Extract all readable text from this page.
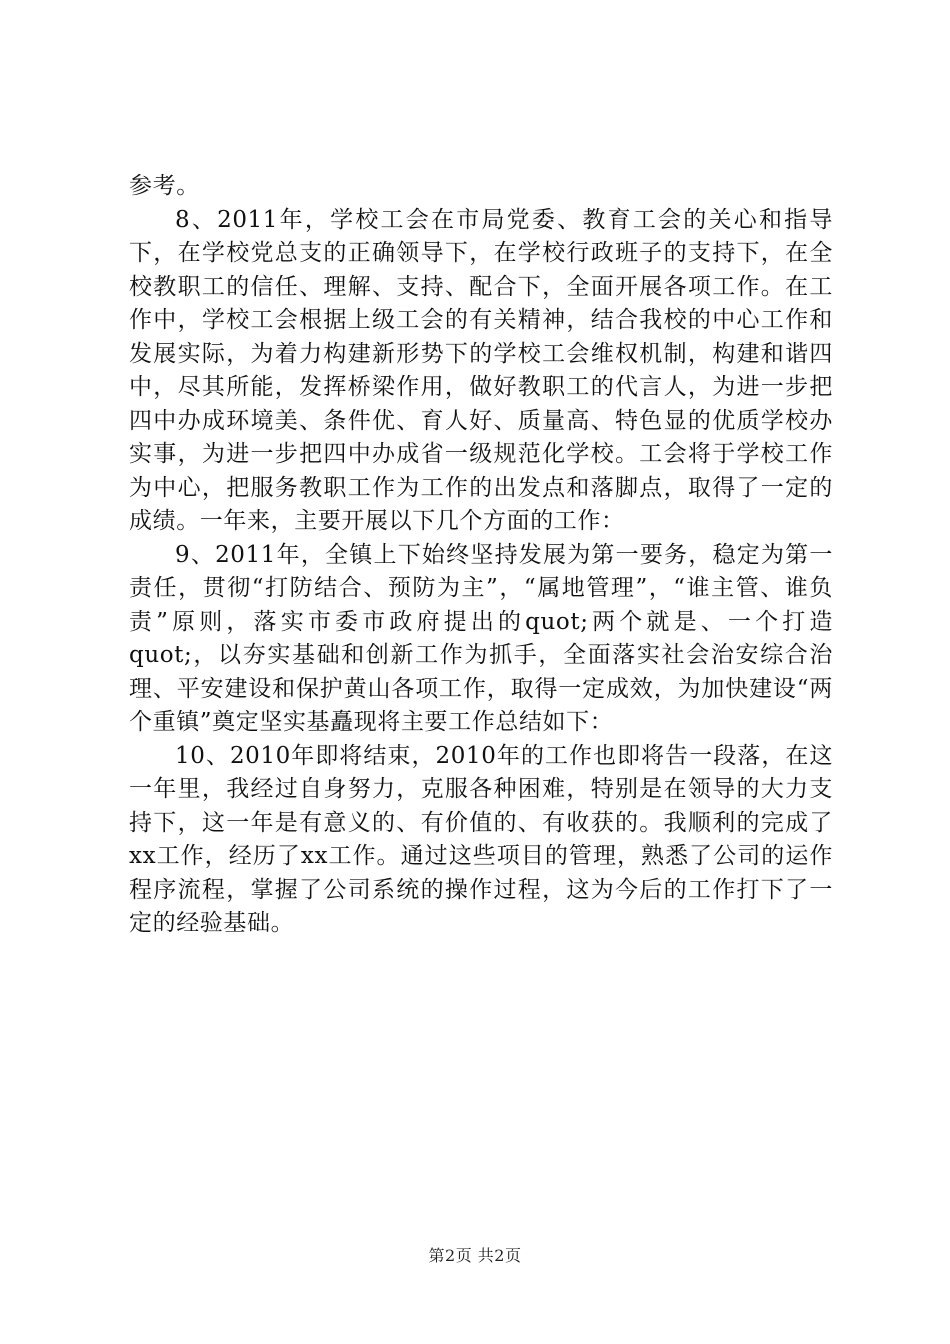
参考。

8、2011年，学校工会在市局党委、教育工会的关心和指导下，在学校党总支的正确领导下，在学校行政班子的支持下，在全校教职工的信任、理解、支持、配合下，全面开展各项工作。在工作中，学校工会根据上级工会的有关精神，结合我校的中心工作和发展实际，为着力构建新形势下的学校工会维权机制，构建和谐四中，尽其所能，发挥桥梁作用，做好教职工的代言人，为进一步把四中办成环境美、条件优、育人好、质量高、特色显的优质学校办实事，为进一步把四中办成省一级规范化学校。工会将于学校工作为中心，把服务教职工作为工作的出发点和落脚点，取得了一定的成绩。一年来，主要开展以下几个方面的工作：

9、2011年，全镇上下始终坚持发展为第一要务，稳定为第一责任，贯彻“打防结合、预防为主”，“属地管理”，“谁主管、谁负责”原则，落实市委市政府提出的quot;两个就是、一个打造quot;，以夯实基础和创新工作为抓手，全面落实社会治安综合治理、平安建设和保护黄山各项工作，取得一定成效，为加快建设“两个重镇”奠定坚实基矗现将主要工作总结如下：

10、2010年即将结束，2010年的工作也即将告一段落，在这一年里，我经过自身努力，克服各种困难，特别是在领导的大力支持下，这一年是有意义的、有价值的、有收获的。我顺利的完成了xx工作，经历了xx工作。通过这些项目的管理，熟悉了公司的运作程序流程，掌握了公司系统的操作过程，这为今后的工作打下了一定的经验基础。

第2页 共2页
